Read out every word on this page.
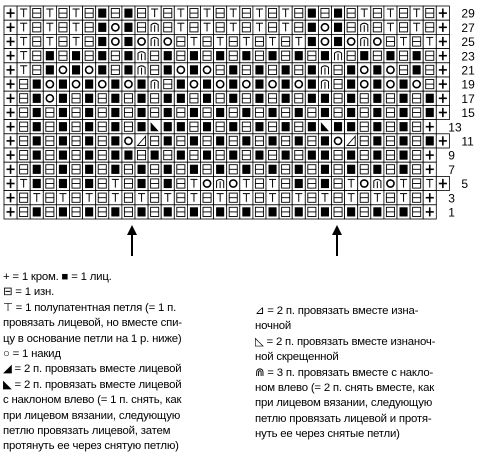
29
27
25
23
21
19
17
15
13
11
9
7
5
3
1
+ = 1 кром. ■ = 1 лиц.
⊟ = 1 изн.
⊤ = 1 полупатентная петля (= 1 п.
провязать лицевой, но вместе спи-
цу в основание петли на 1 р. ниже)
○ = 1 накид
◢ = 2 п. провязать вместе лицевой
◣ = 2 п. провязать вместе лицевой
с наклоном влево (= 1 п. снять, как
при лицевом вязании, следующую
петлю провязать лицевой, затем
протянуть ее через снятую петлю)
⊿ = 2 п. провязать вместе изна-
ночной
◺ = 2 п. провязать вместе изнаноч-
ной скрещенной
⋒ = 3 п. провязать вместе с накло-
ном влево (= 2 п. снять вместе, как
при лицевом вязании, следующую
петлю провязать лицевой и протя-
нуть ее через снятые петли)
